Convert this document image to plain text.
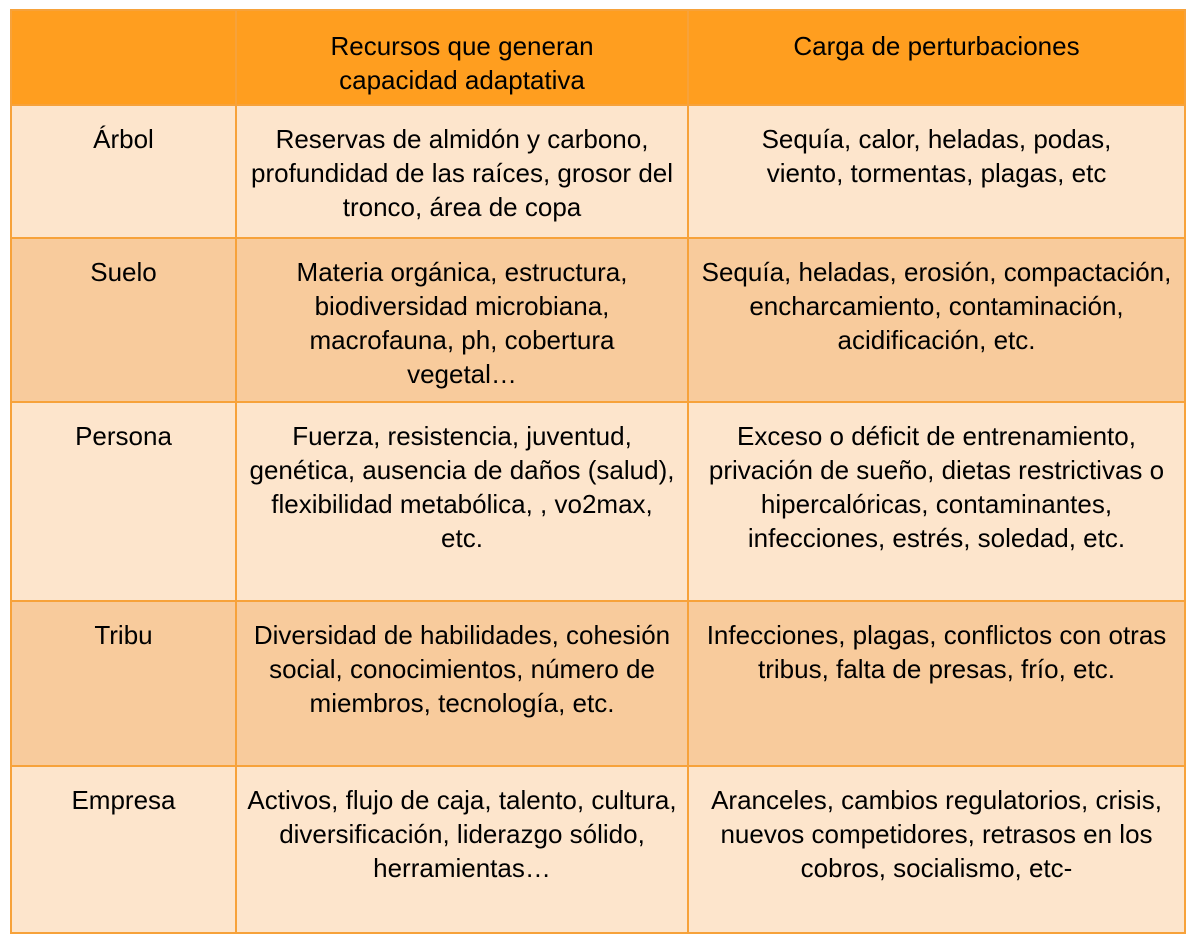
	Recursos que generan capacidad adaptativa	Carga de perturbaciones
Árbol	Reservas de almidón y carbono, profundidad de las raíces, grosor del tronco, área de copa	Sequía, calor, heladas, podas, viento, tormentas, plagas, etc
Suelo	Materia orgánica, estructura, biodiversidad microbiana, macrofauna, ph, cobertura vegetal…	Sequía, heladas, erosión, compactación, encharcamiento, contaminación, acidificación, etc.
Persona	Fuerza, resistencia, juventud, genética, ausencia de daños (salud), flexibilidad metabólica, , vo2max, etc.	Exceso o déficit de entrenamiento, privación de sueño, dietas restrictivas o hipercalóricas, contaminantes, infecciones, estrés, soledad, etc.
Tribu	Diversidad de habilidades, cohesión social, conocimientos, número de miembros, tecnología, etc.	Infecciones, plagas, conflictos con otras tribus, falta de presas, frío, etc.
Empresa	Activos, flujo de caja, talento, cultura, diversificación, liderazgo sólido, herramientas…	Aranceles, cambios regulatorios, crisis, nuevos competidores, retrasos en los cobros, socialismo, etc-
